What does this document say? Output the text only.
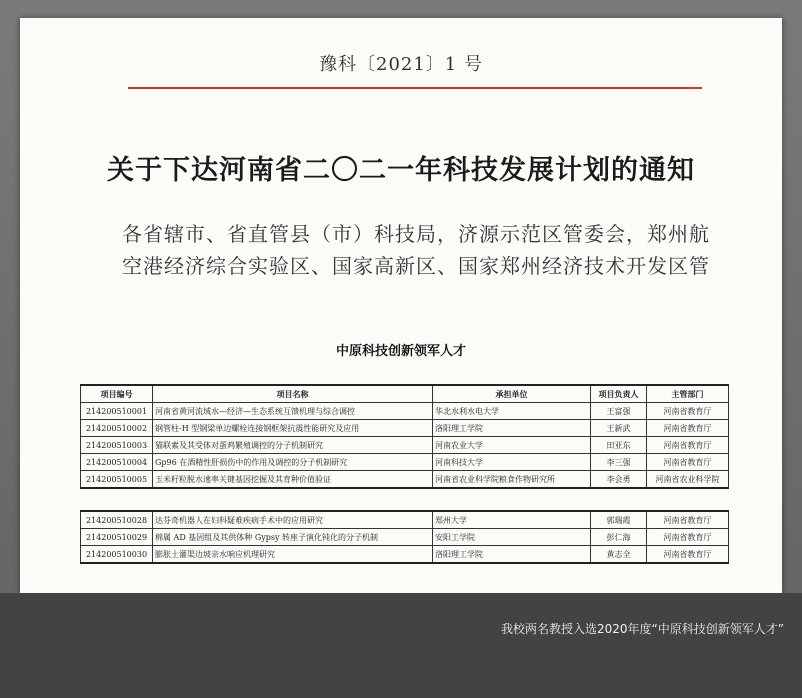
豫科〔2021〕1 号
关于下达河南省二〇二一年科技发展计划的通知
各省辖市、省直管县（市）科技局，济源示范区管委会，郑州航
空港经济综合实验区、国家高新区、国家郑州经济技术开发区管
中原科技创新领军人才
项目编号	项目名称	承担单位	项目负责人	主管部门
214200510001	河南省黄河流域水—经济—生态系统互馈机理与综合调控	华北水利水电大学	王富强	河南省教育厅
214200510002	钢管柱-H 型钢梁单边螺栓连接钢框架抗震性能研究及应用	洛阳理工学院	王新武	河南省教育厅
214200510003	猫联素及其受体对蛋鸡繁殖调控的分子机制研究	河南农业大学	田亚东	河南省教育厅
214200510004	Gp96 在酒精性肝损伤中的作用及调控的分子机制研究	河南科技大学	李三强	河南省教育厅
214200510005	玉米籽粒脱水速率关键基因挖掘及其育种价值验证	河南省农业科学院粮食作物研究所	李会勇	河南省农业科学院
214200510028	达芬奇机器人在妇科疑难疾病手术中的应用研究	郑州大学	郭瑞霞	河南省教育厅
214200510029	棉属 AD 基因组及其供体种 Gypsy 转座子演化钝化的分子机制	安阳工学院	彭仁海	河南省教育厅
214200510030	膨胀土灌渠边坡亲水响应机理研究	洛阳理工学院	黄志全	河南省教育厅
我校两名教授入选2020年度“中原科技创新领军人才”
